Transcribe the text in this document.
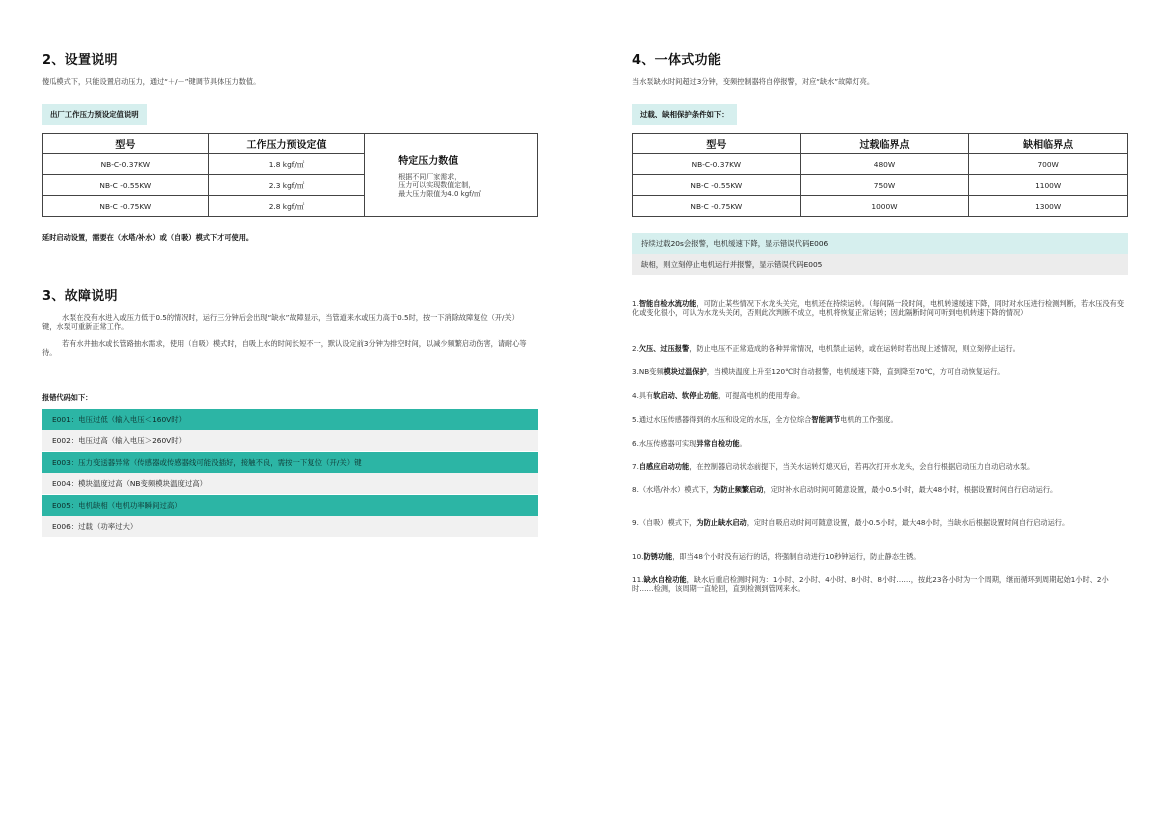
2、设置说明
傻瓜模式下，只能设置启动压力，通过“＋/－”键调节具体压力数值。
出厂工作压力预设定值说明
型号	工作压力预设定值	特定压力数值
根据不同厂家需求，
压力可以实现数值定制，
最大压力限值为4.0 kgf/㎡

NB-C-0.37KW	1.8 kgf/㎡	
NB-C -0.55KW	2.3 kgf/㎡	
NB-C -0.75KW	2.8 kgf/㎡	
延时启动设置，需要在（水塔/补水）或（自吸）模式下才可使用。
3、故障说明
水泵在没有水进入或压力低于0.5的情况时，运行三分钟后会出现“缺水”故障显示，当管道来水或压力高于0.5时，按一下消除故障复位（开/关）键，水泵可重新正常工作。
若有水井抽水或长管路抽水需求，使用（自吸）模式时，自吸上水的时间长短不一，默认设定前3分钟为排空时间，以减少频繁启动伤害，请耐心等待。
报错代码如下：
E001：电压过低（输入电压＜160V时）
E002：电压过高（输入电压＞260V时）
E003：压力变送器异常（传感器或传感器线可能没插好，接触不良，需按一下复位（开/关）键
E004：模块温度过高（NB变频模块温度过高）
E005：电机缺相（电机功率瞬间过高）
E006：过载（功率过大）
4、一体式功能
当水泵缺水时间超过3分钟，变频控制器将自停报警，对应“缺水”故障灯亮。
过载、缺相保护条件如下：
型号	过载临界点	缺相临界点
NB-C-0.37KW	480W	700W
NB-C -0.55KW	750W	1100W
NB-C -0.75KW	1000W	1300W
持续过载20s会报警，电机缓速下降，显示错误代码E006
缺相，则立刻停止电机运行并报警，显示错误代码E005
1.智能自检水流功能，可防止某些情况下水龙头关完，电机还在持续运转。（每间隔一段时间，电机转速缓速下降，同时对水压进行检测判断，若水压没有变化或变化很小，可认为水龙头关闭，否则此次判断不成立，电机将恢复正常运转；因此隔断时间可听到电机转速下降的情况）
2.欠压、过压报警，防止电压不正常造成的各种异常情况，电机禁止运转，或在运转时若出现上述情况，则立刻停止运行。
3.NB变频模块过温保护，当模块温度上升至120℃时自动报警，电机缓速下降，直到降至70℃，方可自动恢复运行。
4.具有软启动、软停止功能，可提高电机的使用寿命。
5.通过水压传感器得到的水压和设定的水压，全方位综合智能调节电机的工作强度。
6.水压传感器可实现异常自检功能。
7.自感应启动功能，在控制器启动状态前提下，当关水运转灯熄灭后，若再次打开水龙头，会自行根据启动压力自动启动水泵。
8.（水塔/补水）模式下，为防止频繁启动，定时补水启动时间可随意设置，最小0.5小时，最大48小时，根据设置时间自行启动运行。
9.（自吸）模式下，为防止缺水启动，定时自吸启动时间可随意设置，最小0.5小时，最大48小时，当缺水后根据设置时间自行启动运行。
10.防锈功能，即当48个小时没有运行的话，将强制自动进行10秒钟运行，防止静态生锈。
11.缺水自检功能，缺水后重启检测时间为：1小时、2小时、4小时、8小时、8小时……，按此23各小时为一个周期，继而循环到周期起始1小时、2小时……检测，该周期一直轮回，直到检测到管网来水。
